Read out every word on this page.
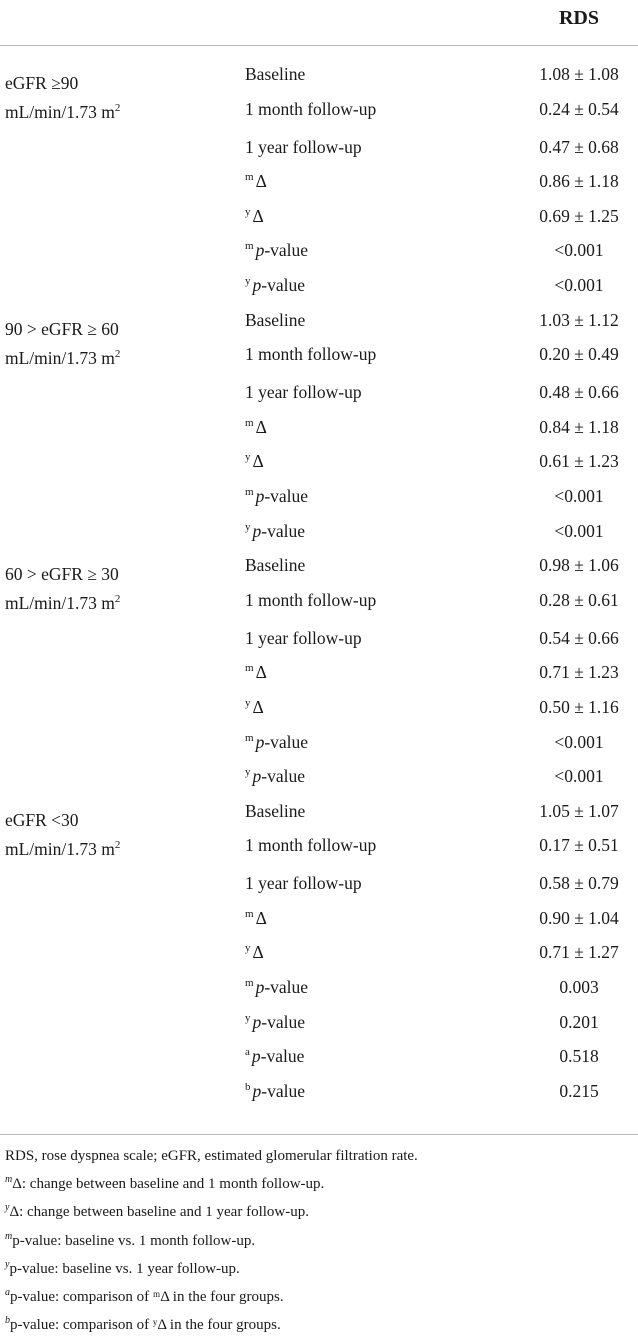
RDS
eGFR ≥90
mL/min/1.73 $m^2$
Baseline	1.08 ± 1.08
1 month follow-up	0.24 ± 0.54
1 year follow-up	0.47 ± 0.68
$^m$ Δ	0.86 ± 1.18
$^y$ Δ	0.69 ± 1.25
$^m$ p-value	<0.001
$^y$ p-value	<0.001
90 > eGFR ≥ 60
mL/min/1.73 $m^2$
Baseline	1.03 ± 1.12
1 month follow-up	0.20 ± 0.49
1 year follow-up	0.48 ± 0.66
$^m$ Δ	0.84 ± 1.18
$^y$ Δ	0.61 ± 1.23
$^m$ p-value	<0.001
$^y$ p-value	<0.001
60 > eGFR ≥ 30
mL/min/1.73 $m^2$
Baseline	0.98 ± 1.06
1 month follow-up	0.28 ± 0.61
1 year follow-up	0.54 ± 0.66
$^m$ Δ	0.71 ± 1.23
$^y$ Δ	0.50 ± 1.16
$^m$ p-value	<0.001
$^y$ p-value	<0.001
eGFR <30
mL/min/1.73 $m^2$
Baseline	1.05 ± 1.07
1 month follow-up	0.17 ± 0.51
1 year follow-up	0.58 ± 0.79
$^m$ Δ	0.90 ± 1.04
$^y$ Δ	0.71 ± 1.27
$^m$ p-value	0.003
$^y$ p-value	0.201
$^a$ p-value	0.518
$^b$ p-value	0.215
RDS, rose dyspnea scale; eGFR, estimated glomerular filtration rate.
$^m$Δ: change between baseline and 1 month follow-up.
$^y$Δ: change between baseline and 1 year follow-up.
$^m$p-value: baseline vs. 1 month follow-up.
$^y$p-value: baseline vs. 1 year follow-up.
$^a$p-value: comparison of ᵐΔ in the four groups.
$^b$p-value: comparison of ʸΔ in the four groups.
